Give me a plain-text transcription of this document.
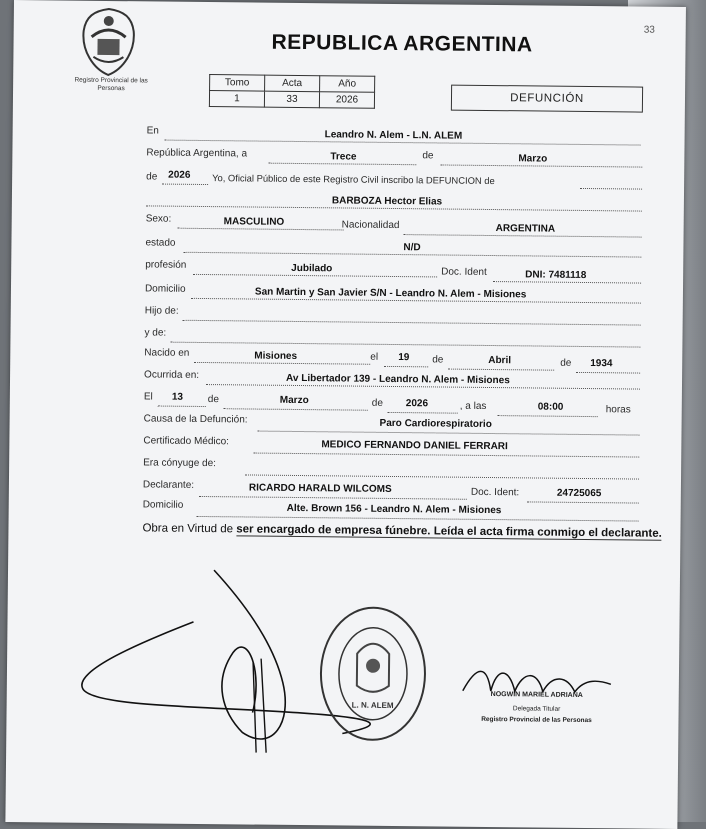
33
Registro Provincial de las Personas
REPUBLICA ARGENTINA
Tomo	Acta	Año
1	33	2026	DEFUNCIÓN
En	Leandro N. Alem - L.N. ALEM
República Argentina, a	Trece	de	Marzo
de 2026 Yo, Oficial Público de este Registro Civil inscribo la DEFUNCION de
BARBOZA Hector Elias
Sexo:	MASCULINO	Nacionalidad	ARGENTINA
estado	N/D
profesión	Jubilado	Doc. Ident	DNI: 7481118
Domicilio	San Martin y San Javier S/N - Leandro N. Alem - Misiones
Hijo de:
y de:
Nacido en	Misiones	el 19 de	Abril	de 1934
Ocurrida en:	Av Libertador 139 - Leandro N. Alem - Misiones
El 13 de	Marzo	de 2026	, a las	08:00	horas
Causa de la Defunción:	Paro Cardiorespiratorio
Certificado Médico:	MEDICO FERNANDO DANIEL FERRARI
Era cónyuge de:
Declarante:	RICARDO HARALD WILCOMS	Doc. Ident:	24725065
Domicilio	Alte. Brown 156 - Leandro N. Alem - Misiones
Obra en Virtud de ser encargado de empresa fúnebre. Leída el acta firma conmigo el declarante.
L. N. ALEM
NOGWIN MARIEL ADRIANA
Delegada Titular
Registro Provincial de las Personas
